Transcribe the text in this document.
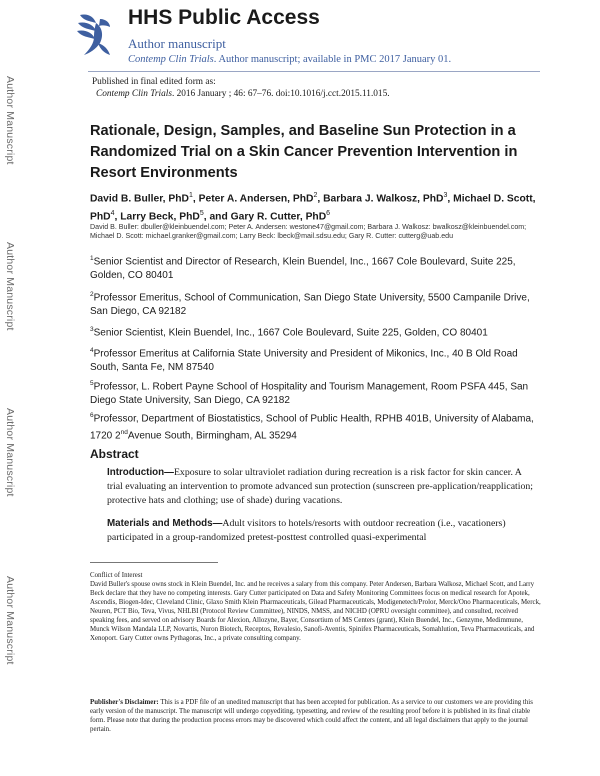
Author Manuscript
Author Manuscript
Author Manuscript
Author Manuscript
HHS Public Access
Author manuscript
Contemp Clin Trials. Author manuscript; available in PMC 2017 January 01.
Published in final edited form as:
Contemp Clin Trials. 2016 January ; 46: 67–76. doi:10.1016/j.cct.2015.11.015.
Rationale, Design, Samples, and Baseline Sun Protection in a Randomized Trial on a Skin Cancer Prevention Intervention in Resort Environments
David B. Buller, PhD$^1$, Peter A. Andersen, PhD$^2$, Barbara J. Walkosz, PhD$^3$, Michael D. Scott, PhD$^4$, Larry Beck, PhD$^5$, and Gary R. Cutter, PhD$^6$
David B. Buller: dbuller@kleinbuendel.com; Peter A. Andersen: westone47@gmail.com; Barbara J. Walkosz: bwalkosz@kleinbuendel.com; Michael D. Scott: michael.granker@gmail.com; Larry Beck: lbeck@mail.sdsu.edu; Gary R. Cutter: cutterg@uab.edu
$^1$Senior Scientist and Director of Research, Klein Buendel, Inc., 1667 Cole Boulevard, Suite 225, Golden, CO 80401
$^2$Professor Emeritus, School of Communication, San Diego State University, 5500 Campanile Drive, San Diego, CA 92182
$^3$Senior Scientist, Klein Buendel, Inc., 1667 Cole Boulevard, Suite 225, Golden, CO 80401
$^4$Professor Emeritus at California State University and President of Mikonics, Inc., 40 B Old Road South, Santa Fe, NM 87540
$^5$Professor, L. Robert Payne School of Hospitality and Tourism Management, Room PSFA 445, San Diego State University, San Diego, CA 92182
$^6$Professor, Department of Biostatistics, School of Public Health, RPHB 401B, University of Alabama, 1720 2ndAvenue South, Birmingham, AL 35294
Abstract
Introduction—Exposure to solar ultraviolet radiation during recreation is a risk factor for skin cancer. A trial evaluating an intervention to promote advanced sun protection (sunscreen pre-application/reapplication; protective hats and clothing; use of shade) during vacations.
Materials and Methods—Adult visitors to hotels/resorts with outdoor recreation (i.e., vacationers) participated in a group-randomized pretest-posttest controlled quasi-experimental
Conflict of Interest
David Buller's spouse owns stock in Klein Buendel, Inc. and he receives a salary from this company. Peter Andersen, Barbara Walkosz, Michael Scott, and Larry Beck declare that they have no competing interests. Gary Cutter participated on Data and Safety Monitoring Committees focus on medical research for Apotek, Ascendis, Biogen-Idec, Cleveland Clinic, Glaxo Smith Klein Pharmaceuticals, Gilead Pharmaceuticals, Modigenetech/Prolor, Merck/Ono Pharmaceuticals, Merck, Neuren, PCT Bio, Teva, Vivus, NHLBI (Protocol Review Committee), NINDS, NMSS, and NICHD (OPRU oversight committee), and consulted, received speaking fees, and served on advisory Boards for Alexion, Allozyne, Bayer, Consortium of MS Centers (grant), Klein Buendel, Inc., Genzyme, Medimmune, Munck Wilson Mandala LLP, Novartis, Nuron Biotech, Receptos, Revalesio, Sanofi-Aventis, Spinifex Pharmaceuticals, Somahlution, Teva Pharmaceuticals, and Xenoport. Gary Cutter owns Pythagoras, Inc., a private consulting company.
Publisher's Disclaimer: This is a PDF file of an unedited manuscript that has been accepted for publication. As a service to our customers we are providing this early version of the manuscript. The manuscript will undergo copyediting, typesetting, and review of the resulting proof before it is published in its final citable form. Please note that during the production process errors may be discovered which could affect the content, and all legal disclaimers that apply to the journal pertain.
